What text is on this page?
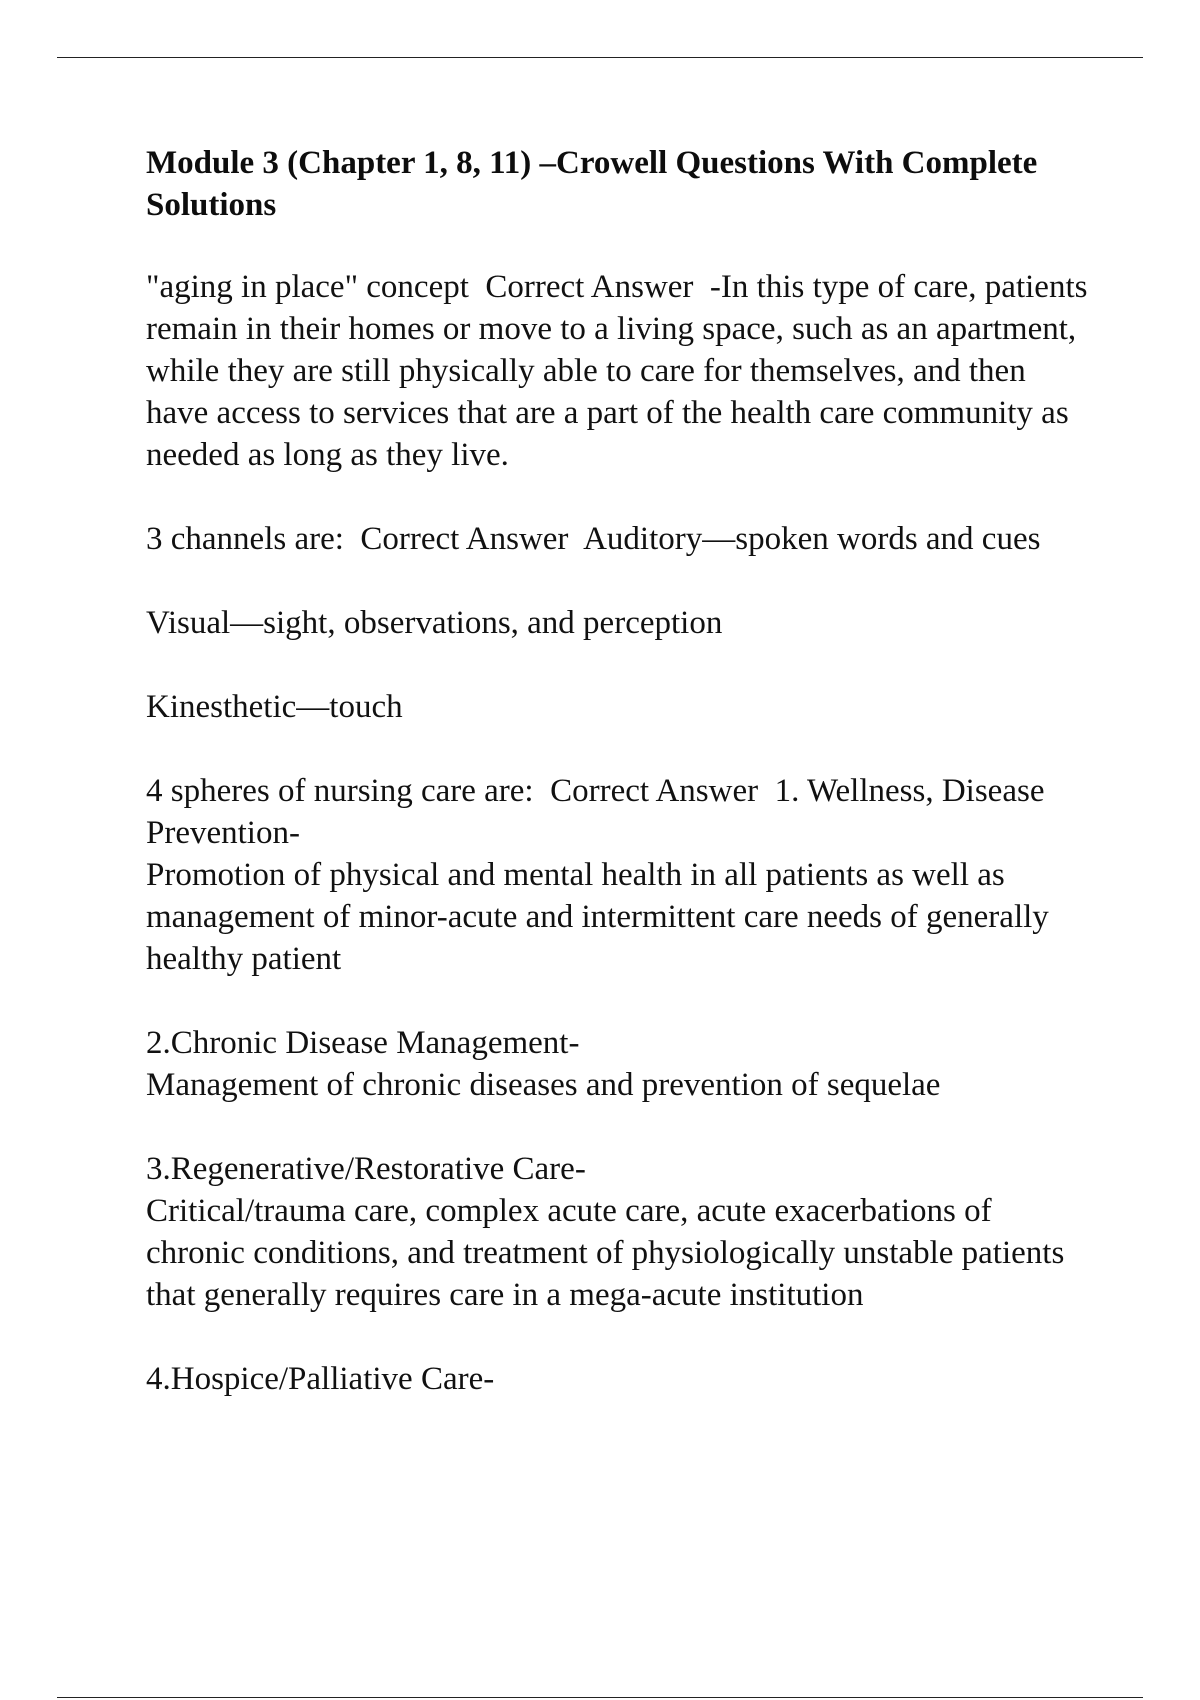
Module 3 (Chapter 1, 8, 11) –Crowell Questions With Complete Solutions

"aging in place" concept  Correct Answer  -In this type of care, patients remain in their homes or move to a living space, such as an apartment, while they are still physically able to care for themselves, and then have access to services that are a part of the health care community as needed as long as they live.

3 channels are:  Correct Answer  Auditory—spoken words and cues

Visual—sight, observations, and perception

Kinesthetic—touch

4 spheres of nursing care are:  Correct Answer  1. Wellness, Disease Prevention-
Promotion of physical and mental health in all patients as well as management of minor-acute and intermittent care needs of generally healthy patient

2.Chronic Disease Management-
Management of chronic diseases and prevention of sequelae

3.Regenerative/Restorative Care-
Critical/trauma care, complex acute care, acute exacerbations of chronic conditions, and treatment of physiologically unstable patients that generally requires care in a mega-acute institution

4.Hospice/Palliative Care-
